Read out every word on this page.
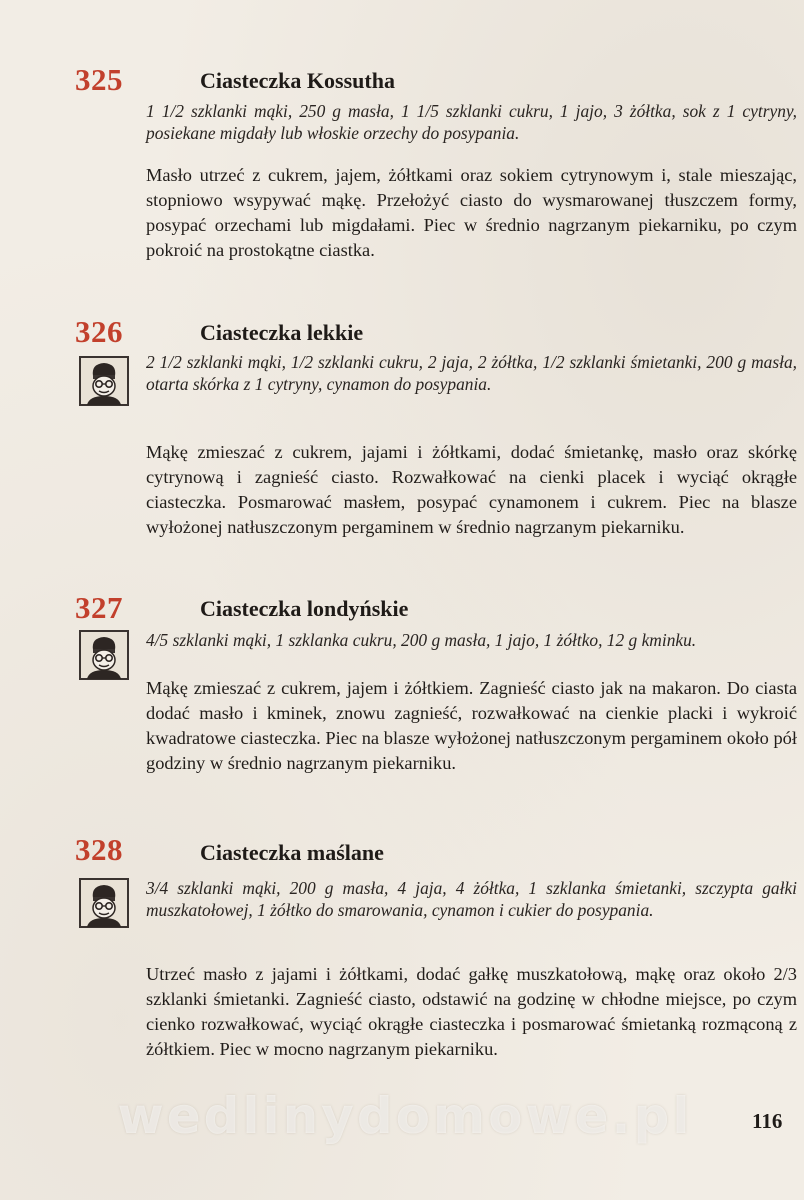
325	Ciasteczka Kossutha
1 1/2 szklanki mąki, 250 g masła, 1 1/5 szklanki cukru, 1 jajo, 3 żółtka, sok z 1 cytryny, posiekane migdały lub włoskie orzechy do posypania.
Masło utrzeć z cukrem, jajem, żółtkami oraz sokiem cytrynowym i, stale mieszając, stopniowo wsypywać mąkę. Przełożyć ciasto do wysmarowanej tłuszczem formy, posypać orzechami lub migdałami. Piec w średnio nagrzanym piekarniku, po czym pokroić na prostokątne ciastka.
326	Ciasteczka lekkie
2 1/2 szklanki mąki, 1/2 szklanki cukru, 2 jaja, 2 żółtka, 1/2 szklanki śmietanki, 200 g masła, otarta skórka z 1 cytryny, cynamon do posypania.
Mąkę zmieszać z cukrem, jajami i żółtkami, dodać śmietankę, masło oraz skórkę cytrynową i zagnieść ciasto. Rozwałkować na cienki placek i wyciąć okrągłe ciasteczka. Posmarować masłem, posypać cynamonem i cukrem. Piec na blasze wyłożonej natłuszczonym pergaminem w średnio nagrzanym piekarniku.
327	Ciasteczka londyńskie
4/5 szklanki mąki, 1 szklanka cukru, 200 g masła, 1 jajo, 1 żółtko, 12 g kminku.
Mąkę zmieszać z cukrem, jajem i żółtkiem. Zagnieść ciasto jak na makaron. Do ciasta dodać masło i kminek, znowu zagnieść, rozwałkować na cienkie placki i wykroić kwadratowe ciasteczka. Piec na blasze wyłożonej natłuszczonym pergaminem około pół godziny w średnio nagrzanym piekarniku.
328	Ciasteczka maślane
3/4 szklanki mąki, 200 g masła, 4 jaja, 4 żółtka, 1 szklanka śmietanki, szczypta gałki muszkatołowej, 1 żółtko do smarowania, cynamon i cukier do posypania.
Utrzeć masło z jajami i żółtkami, dodać gałkę muszkatołową, mąkę oraz około 2/3 szklanki śmietanki. Zagnieść ciasto, odstawić na godzinę w chłodne miejsce, po czym cienko rozwałkować, wyciąć okrągłe ciasteczka i posmarować śmietanką rozmąconą z żółtkiem. Piec w mocno nagrzanym piekarniku.
wedlinydomowe.pl	116
